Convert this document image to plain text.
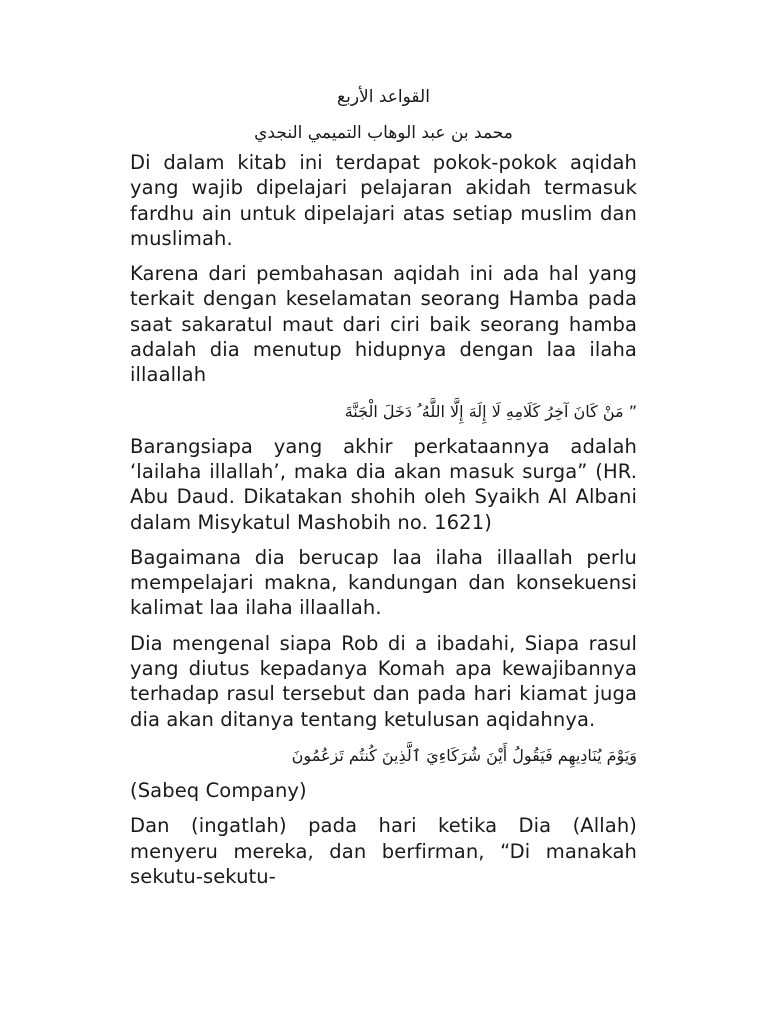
القواعد الأربع
محمد بن عبد الوهاب التميمي النجدي

Di dalam kitab ini terdapat pokok-pokok aqidah yang wajib dipelajari pelajaran akidah termasuk fardhu ain untuk dipelajari atas setiap muslim dan muslimah.

Karena dari pembahasan aqidah ini ada hal yang terkait dengan keselamatan seorang Hamba pada saat sakaratul maut dari ciri baik seorang hamba adalah dia menutup hidupnya dengan laa ilaha illaallah

” مَنْ كَانَ آخِرُ كَلَامِهِ لَا إِلَهَ إِلَّا اللَّهُ ُ دَخَلَ الْجَنَّةَ

Barangsiapa yang akhir perkataannya adalah ‘lailaha illallah’, maka dia akan masuk surga” (HR. Abu Daud. Dikatakan shohih oleh Syaikh Al Albani dalam Misykatul Mashobih no. 1621)

Bagaimana dia berucap laa ilaha illaallah perlu mempelajari makna, kandungan dan konsekuensi kalimat laa ilaha illaallah.

Dia mengenal siapa Rob di a ibadahi, Siapa rasul yang diutus kepadanya Komah apa kewajibannya terhadap rasul tersebut dan pada hari kiamat juga dia akan ditanya tentang ketulusan aqidahnya.

وَيَوْمَ يُنَادِيهِم فَيَقُولُ أَيْنَ شُرَكَاءِيَ ٱلَّذِينَ كُنتُم تَزعُمُونَ

(Sabeq Company)

Dan (ingatlah) pada hari ketika Dia (Allah) menyeru mereka, dan berfirman, “Di manakah sekutu-sekutu-
